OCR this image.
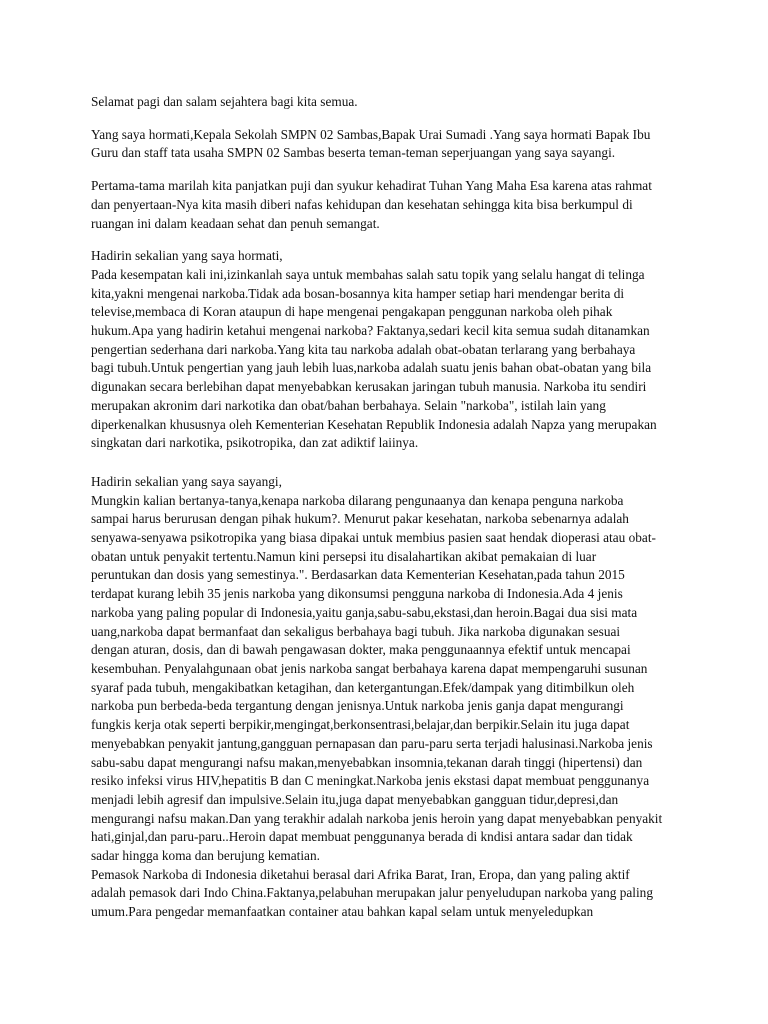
Selamat pagi dan salam sejahtera bagi kita semua.
Yang saya hormati,Kepala Sekolah SMPN 02 Sambas,Bapak Urai Sumadi .Yang saya hormati Bapak Ibu
Guru dan staff tata usaha SMPN 02 Sambas beserta teman-teman seperjuangan yang saya sayangi.
Pertama-tama marilah kita panjatkan puji dan syukur kehadirat Tuhan Yang Maha Esa karena atas rahmat
dan penyertaan-Nya kita masih diberi nafas kehidupan dan kesehatan sehingga kita bisa berkumpul di
ruangan ini dalam keadaan sehat dan penuh semangat.
Hadirin sekalian yang saya hormati,
Pada kesempatan kali ini,izinkanlah saya untuk membahas salah satu topik yang selalu hangat di telinga
kita,yakni mengenai narkoba.Tidak ada bosan-bosannya kita hamper setiap hari mendengar berita di
televise,membaca di Koran ataupun di hape mengenai pengakapan penggunan narkoba oleh pihak
hukum.Apa yang hadirin ketahui mengenai narkoba? Faktanya,sedari kecil kita semua sudah ditanamkan
pengertian sederhana dari narkoba.Yang kita tau narkoba adalah obat-obatan terlarang yang berbahaya
bagi tubuh.Untuk pengertian yang jauh lebih luas,narkoba adalah suatu jenis bahan obat-obatan yang bila
digunakan secara berlebihan dapat menyebabkan kerusakan jaringan tubuh manusia. Narkoba itu sendiri
merupakan akronim dari narkotika dan obat/bahan berbahaya. Selain "narkoba", istilah lain yang
diperkenalkan khususnya oleh Kementerian Kesehatan Republik Indonesia adalah Napza yang merupakan
singkatan dari narkotika, psikotropika, dan zat adiktif laiinya.
Hadirin sekalian yang saya sayangi,
Mungkin kalian bertanya-tanya,kenapa narkoba dilarang pengunaanya dan kenapa penguna narkoba
sampai harus berurusan dengan pihak hukum?. Menurut pakar kesehatan, narkoba sebenarnya adalah
senyawa-senyawa psikotropika yang biasa dipakai untuk membius pasien saat hendak dioperasi atau obat-
obatan untuk penyakit tertentu.Namun kini persepsi itu disalahartikan akibat pemakaian di luar
peruntukan dan dosis yang semestinya.". Berdasarkan data Kementerian Kesehatan,pada tahun 2015
terdapat kurang lebih 35 jenis narkoba yang dikonsumsi pengguna narkoba di Indonesia.Ada 4 jenis
narkoba yang paling popular di Indonesia,yaitu ganja,sabu-sabu,ekstasi,dan heroin.Bagai dua sisi mata
uang,narkoba dapat bermanfaat dan sekaligus berbahaya bagi tubuh. Jika narkoba digunakan sesuai
dengan aturan, dosis, dan di bawah pengawasan dokter, maka penggunaannya efektif untuk mencapai
kesembuhan. Penyalahgunaan obat jenis narkoba sangat berbahaya karena dapat mempengaruhi susunan
syaraf pada tubuh, mengakibatkan ketagihan, dan ketergantungan.Efek/dampak yang ditimbilkun oleh
narkoba pun berbeda-beda tergantung dengan jenisnya.Untuk narkoba jenis ganja dapat mengurangi
fungkis kerja otak seperti berpikir,mengingat,berkonsentrasi,belajar,dan berpikir.Selain itu juga dapat
menyebabkan penyakit jantung,gangguan pernapasan dan paru-paru serta terjadi halusinasi.Narkoba jenis
sabu-sabu dapat mengurangi nafsu makan,menyebabkan insomnia,tekanan darah tinggi (hipertensi) dan
resiko infeksi virus HIV,hepatitis B dan C meningkat.Narkoba jenis ekstasi dapat membuat penggunanya
menjadi lebih agresif dan impulsive.Selain itu,juga dapat menyebabkan gangguan tidur,depresi,dan
mengurangi nafsu makan.Dan yang terakhir adalah narkoba jenis heroin yang dapat menyebabkan penyakit
hati,ginjal,dan paru-paru..Heroin dapat membuat penggunanya berada di kndisi antara sadar dan tidak
sadar hingga koma dan berujung kematian.
Pemasok Narkoba di Indonesia diketahui berasal dari Afrika Barat, Iran, Eropa, dan yang paling aktif
adalah pemasok dari Indo China.Faktanya,pelabuhan merupakan jalur penyeludupan narkoba yang paling
umum.Para pengedar memanfaatkan container atau bahkan kapal selam untuk menyeledupkan
